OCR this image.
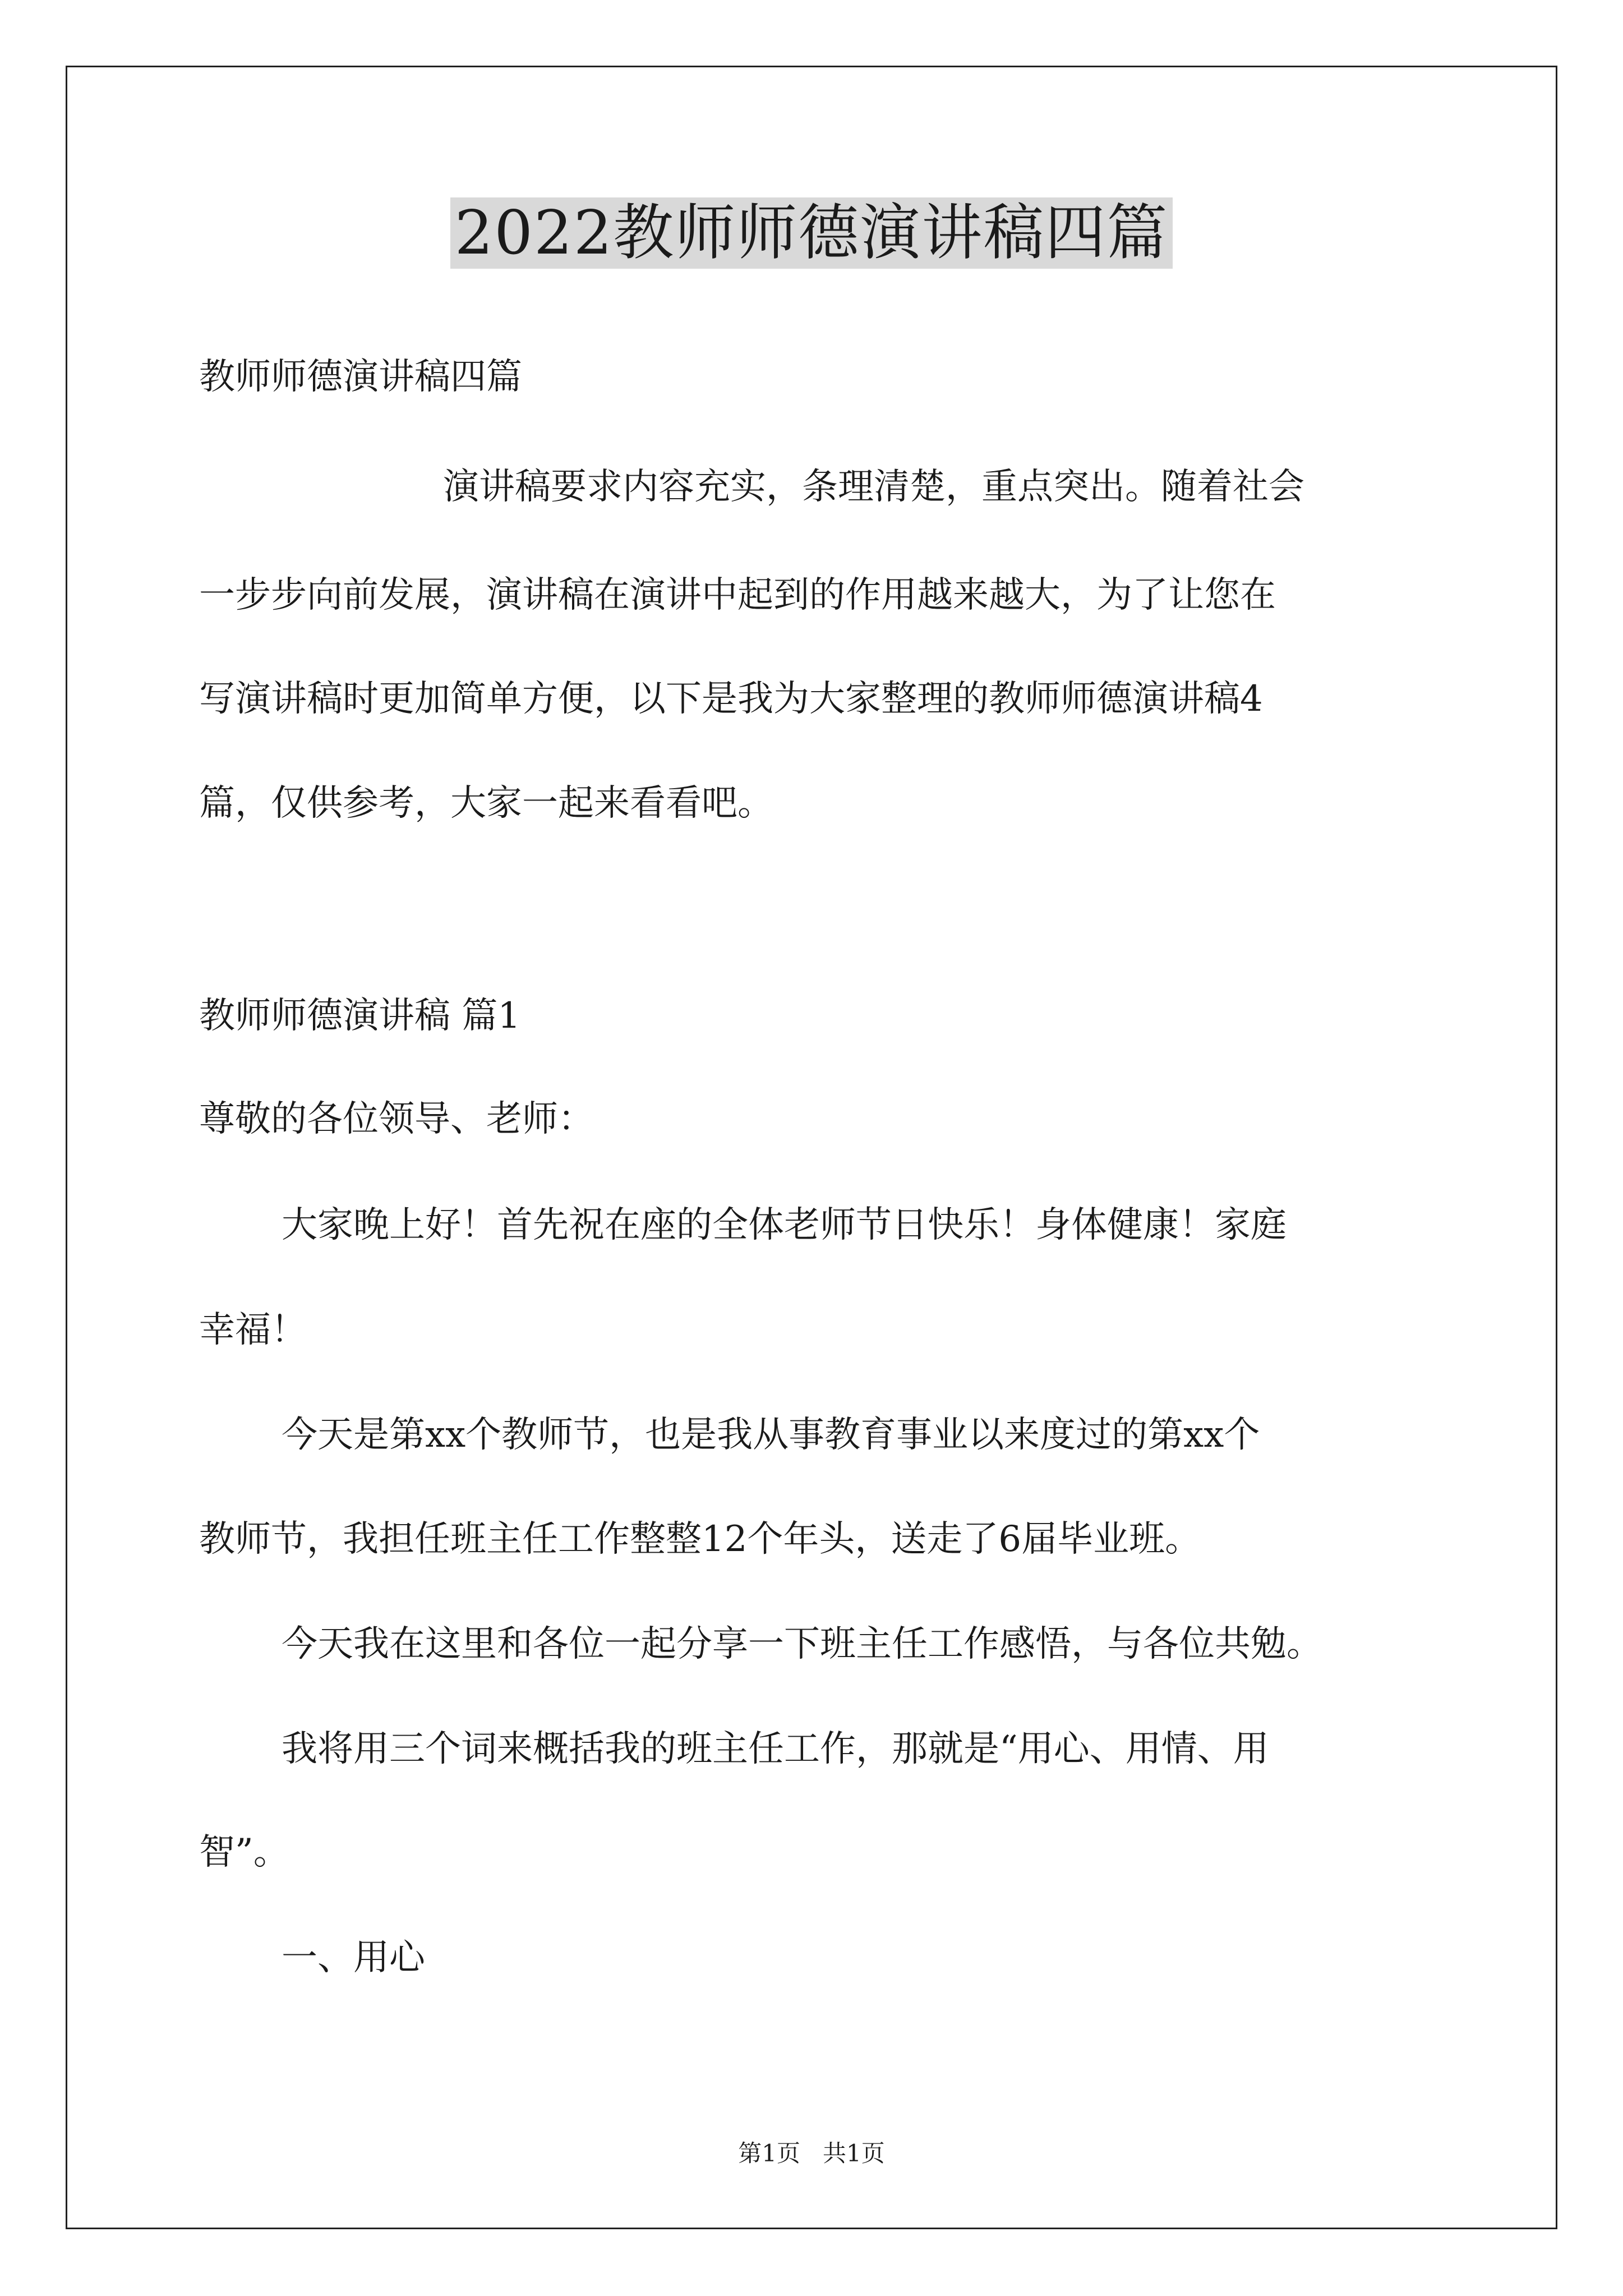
2022教师师德演讲稿四篇
教师师德演讲稿四篇
演讲稿要求内容充实，条理清楚，重点突出。随着社会
一步步向前发展，演讲稿在演讲中起到的作用越来越大，为了让您在
写演讲稿时更加简单方便，以下是我为大家整理的教师师德演讲稿4
篇，仅供参考，大家一起来看看吧。
教师师德演讲稿 篇1
尊敬的各位领导、老师：
大家晚上好！首先祝在座的全体老师节日快乐！身体健康！家庭
幸福！
今天是第xx个教师节，也是我从事教育事业以来度过的第xx个
教师节，我担任班主任工作整整12个年头，送走了6届毕业班。
今天我在这里和各位一起分享一下班主任工作感悟，与各位共勉。
我将用三个词来概括我的班主任工作，那就是“用心、用情、用
智”。
一、用心
第1页   共1页
